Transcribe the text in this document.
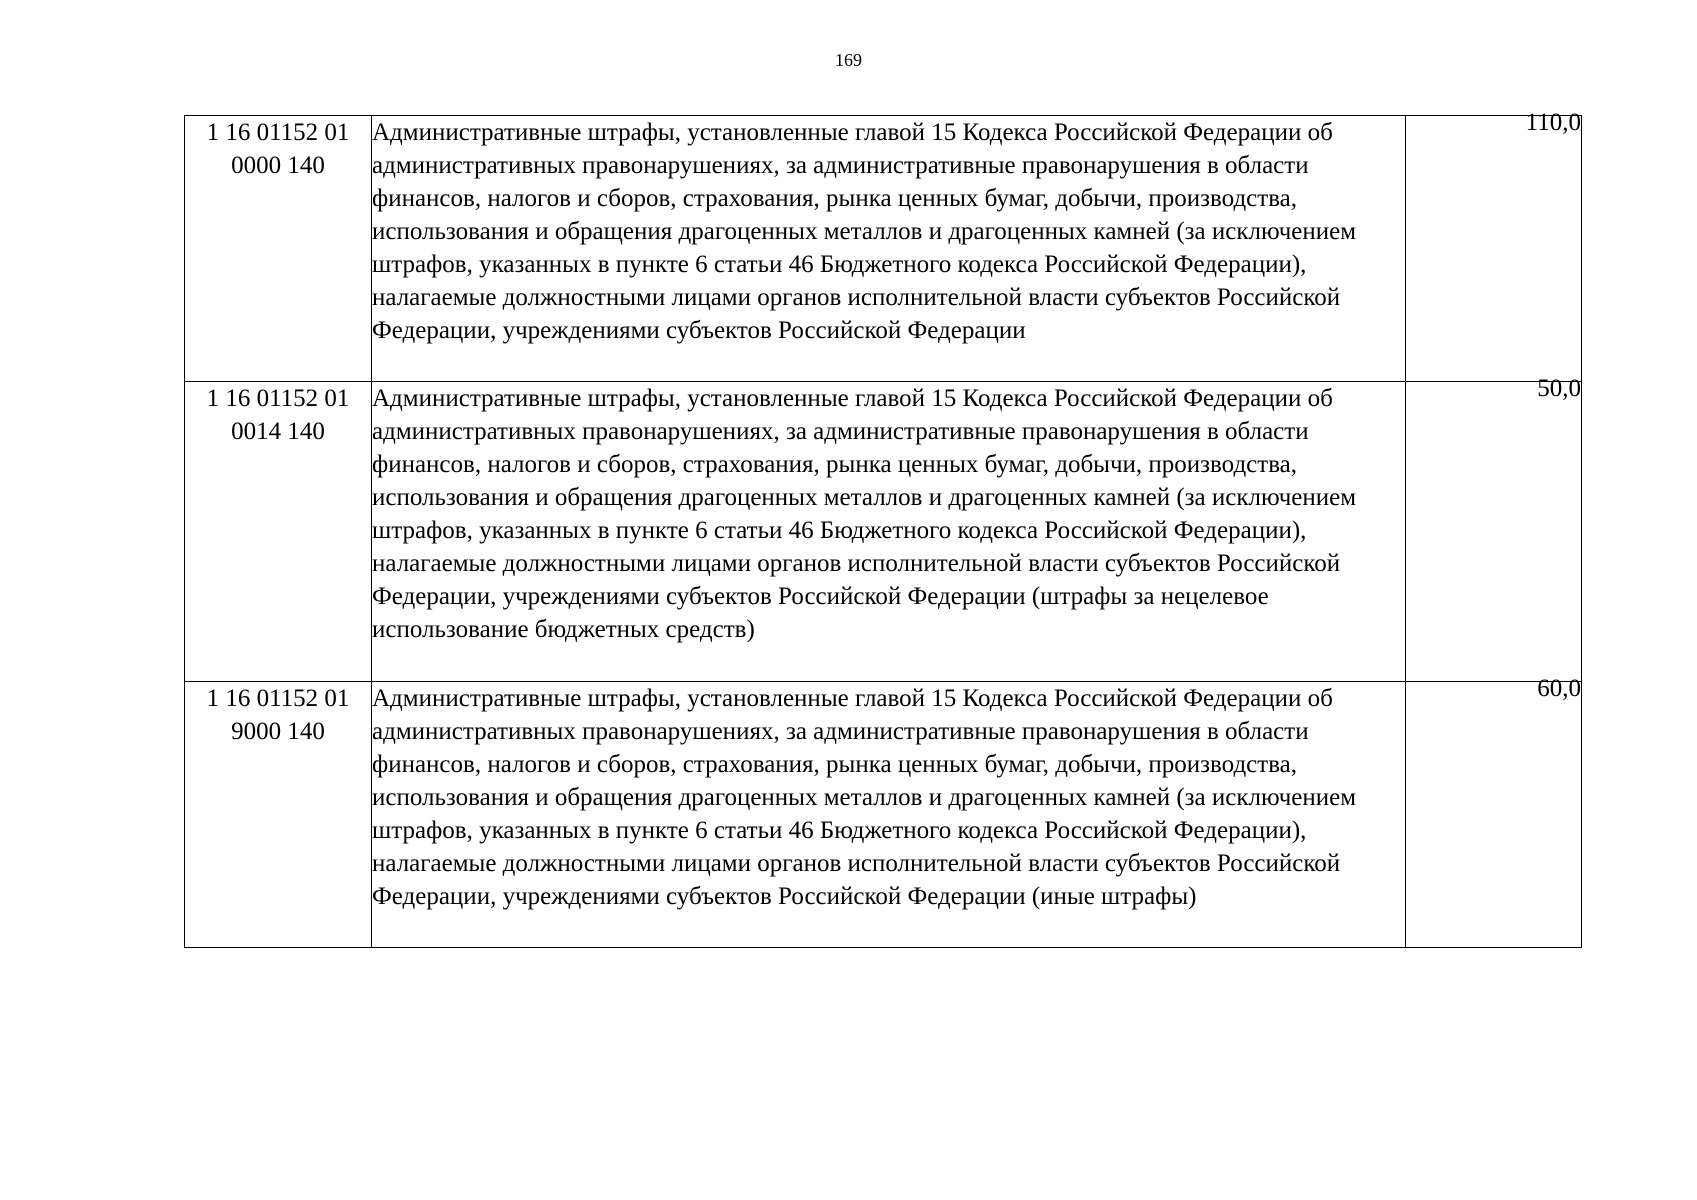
169
1 16 01152 01
0000 140	Административные штрафы, установленные главой 15 Кодекса Российской Федерации об административных правонарушениях, за административные правонарушения в области финансов, налогов и сборов, страхования, рынка ценных бумаг, добычи, производства, использования и обращения драгоценных металлов и драгоценных камней (за исключением штрафов, указанных в пункте 6 статьи 46 Бюджетного кодекса Российской Федерации), налагаемые должностными лицами органов исполнительной власти субъектов Российской Федерации, учреждениями субъектов Российской Федерации	110,0

1 16 01152 01
0014 140	Административные штрафы, установленные главой 15 Кодекса Российской Федерации об административных правонарушениях, за административные правонарушения в области финансов, налогов и сборов, страхования, рынка ценных бумаг, добычи, производства, использования и обращения драгоценных металлов и драгоценных камней (за исключением штрафов, указанных в пункте 6 статьи 46 Бюджетного кодекса Российской Федерации), налагаемые должностными лицами органов исполнительной власти субъектов Российской Федерации, учреждениями субъектов Российской Федерации (штрафы за нецелевое использование бюджетных средств)	50,0

1 16 01152 01
9000 140	Административные штрафы, установленные главой 15 Кодекса Российской Федерации об административных правонарушениях, за административные правонарушения в области финансов, налогов и сборов, страхования, рынка ценных бумаг, добычи, производства, использования и обращения драгоценных металлов и драгоценных камней (за исключением штрафов, указанных в пункте 6 статьи 46 Бюджетного кодекса Российской Федерации), налагаемые должностными лицами органов исполнительной власти субъектов Российской Федерации, учреждениями субъектов Российской Федерации (иные штрафы)	60,0
